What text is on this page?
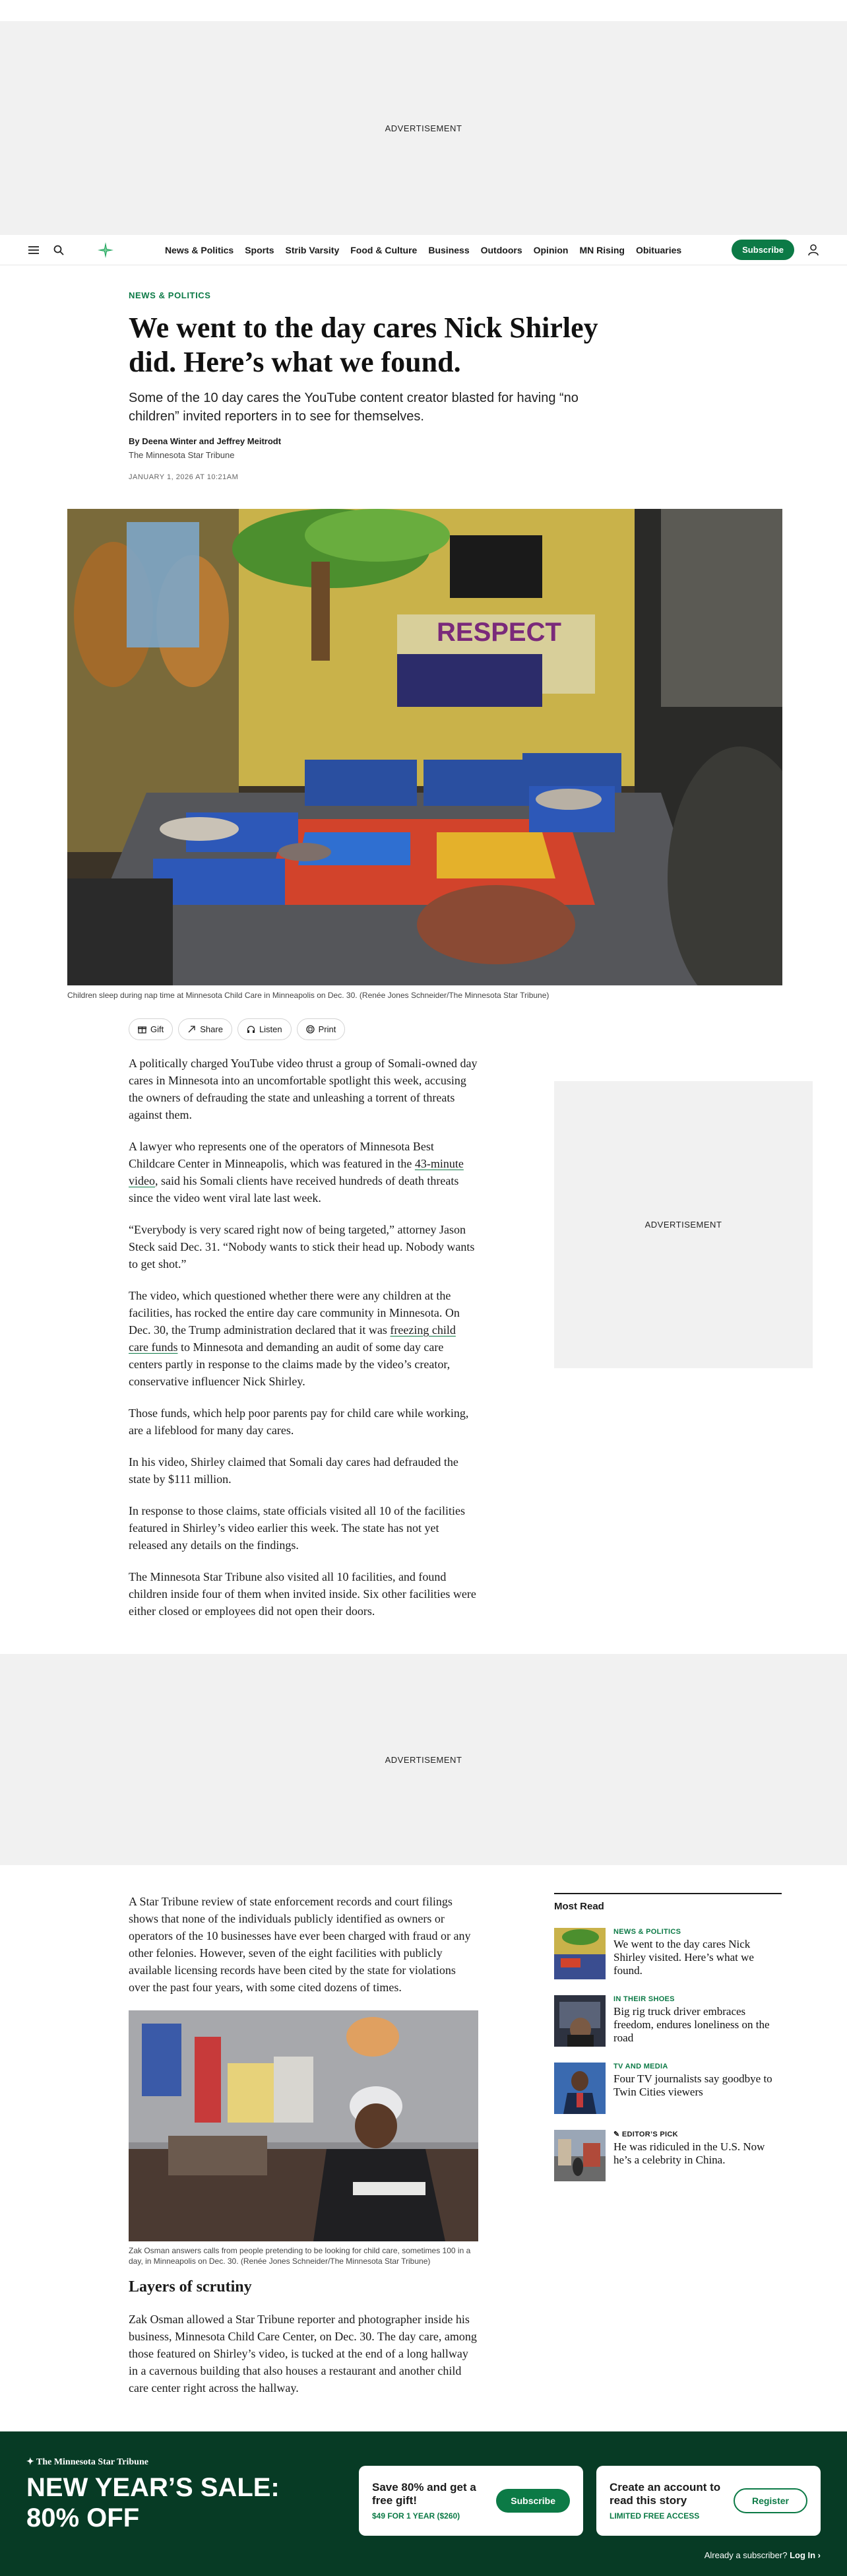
ADVERTISEMENT
News & Politics Sports Strib Varsity Food & Culture Business Outdoors Opinion MN Rising Obituaries	Subscribe
NEWS & POLITICS
We went to the day cares Nick Shirley did. Here’s what we found.

Some of the 10 day cares the YouTube content creator blasted for having “no children” invited reporters in to see for themselves.

By Deena Winter and Jeffrey Meitrodt
The Minnesota Star Tribune
JANUARY 1, 2026 AT 10:21AM
RESPECT
Children sleep during nap time at Minnesota Child Care in Minneapolis on Dec. 30. (Renée Jones Schneider/The Minnesota Star Tribune)
Gift	Share	Listen	Print

A politically charged YouTube video thrust a group of Somali-owned day cares in Minnesota into an uncomfortable spotlight this week, accusing the owners of defrauding the state and unleashing a torrent of threats against them.

A lawyer who represents one of the operators of Minnesota Best Childcare Center in Minneapolis, which was featured in the 43-minute video, said his Somali clients have received hundreds of death threats since the video went viral late last week.

“Everybody is very scared right now of being targeted,” attorney Jason Steck said Dec. 31. “Nobody wants to stick their head up. Nobody wants to get shot.”

The video, which questioned whether there were any children at the facilities, has rocked the entire day care community in Minnesota. On Dec. 30, the Trump administration declared that it was freezing child care funds to Minnesota and demanding an audit of some day care centers partly in response to the claims made by the video’s creator, conservative influencer Nick Shirley.

Those funds, which help poor parents pay for child care while working, are a lifeblood for many day cares.

In his video, Shirley claimed that Somali day cares had defrauded the state by $111 million.

In response to those claims, state officials visited all 10 of the facilities featured in Shirley’s video earlier this week. The state has not yet released any details on the findings.

The Minnesota Star Tribune also visited all 10 facilities, and found children inside four of them when invited inside. Six other facilities were either closed or employees did not open their doors.

ADVERTISEMENT
ADVERTISEMENT

A Star Tribune review of state enforcement records and court filings shows that none of the individuals publicly identified as owners or operators of the 10 businesses have ever been charged with fraud or any other felonies. However, seven of the eight facilities with publicly available licensing records have been cited by the state for violations over the past four years, with some cited dozens of times.

Zak Osman answers calls from people pretending to be looking for child care, sometimes 100 in a day, in Minneapolis on Dec. 30. (Renée Jones Schneider/The Minnesota Star Tribune)
Layers of scrutiny

Zak Osman allowed a Star Tribune reporter and photographer inside his business, Minnesota Child Care Center, on Dec. 30. The day care, among those featured on Shirley’s video, is tucked at the end of a long hallway in a cavernous building that also houses a restaurant and another child care center right across the hallway.

Most Read
NEWS & POLITICS
We went to the day cares Nick Shirley visited. Here’s what we found.
IN THEIR SHOES
Big rig truck driver embraces freedom, endures loneliness on the road
TV AND MEDIA
Four TV journalists say goodbye to Twin Cities viewers
✎ EDITOR’S PICK
He was ridiculed in the U.S. Now he’s a celebrity in China.
✦ The Minnesota Star Tribune
NEW YEAR’S SALE:
80% OFF
Save 80% and get a free gift!
$49 FOR 1 YEAR ($260)
Subscribe
Create an account to read this story
LIMITED FREE ACCESS
Register
Already a subscriber? Log In ›
